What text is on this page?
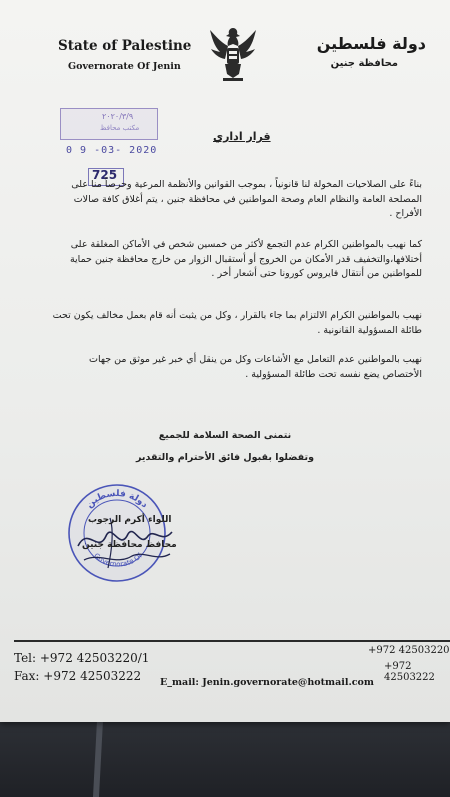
State of Palestine
Governorate Of Jenin
دولة فلسطين
محافظة جنين
٢٠٢٠/٣/٩
مكتب محافظ
0 9 -03- 2020
725
قرار اداري

بناءً على الصلاحيات المخولة لنا قانونياً ، بموجب القوانين والأنظمة المرعية وحرصاً منا على المصلحة العامة والنظام العام وصحة المواطنين في محافظة جنين ، يتم أغلاق كافة صالات الأفراح .

كما نهيب بالمواطنين الكرام عدم التجمع لأكثر من خمسين شخص في الأماكن المغلقة على أختلافها،والتخفيف قدر الأمكان من الخروج أو أستقبال الزوار من خارج محافظة جنين حماية للمواطنين من أنتقال فايروس كورونا حتى أشعار أخر .

نهيب بالمواطنين الكرام الالتزام بما جاء بالقرار ، وكل من يثبت أنه قام بعمل مخالف يكون تحت طائلة المسؤولية القانونية .

نهيب بالمواطنين عدم التعامل مع الأشاعات وكل من ينقل أي خبر غير موثق من جهات الأختصاص يضع نفسه تحت طائلة المسؤولية .

نتمنى الصحة السلامة للجميع
وتفضلوا بقبول فائق الأحترام والتقدير
دولة فلسطين
Governorate Of
اللواء أكرم الرجوب
محافظ محافظة جنين
Tel: +972 42503220/1
Fax: +972 42503222
+972 42503220
+972 42503222
E_mail: Jenin.governorate@hotmail.com
